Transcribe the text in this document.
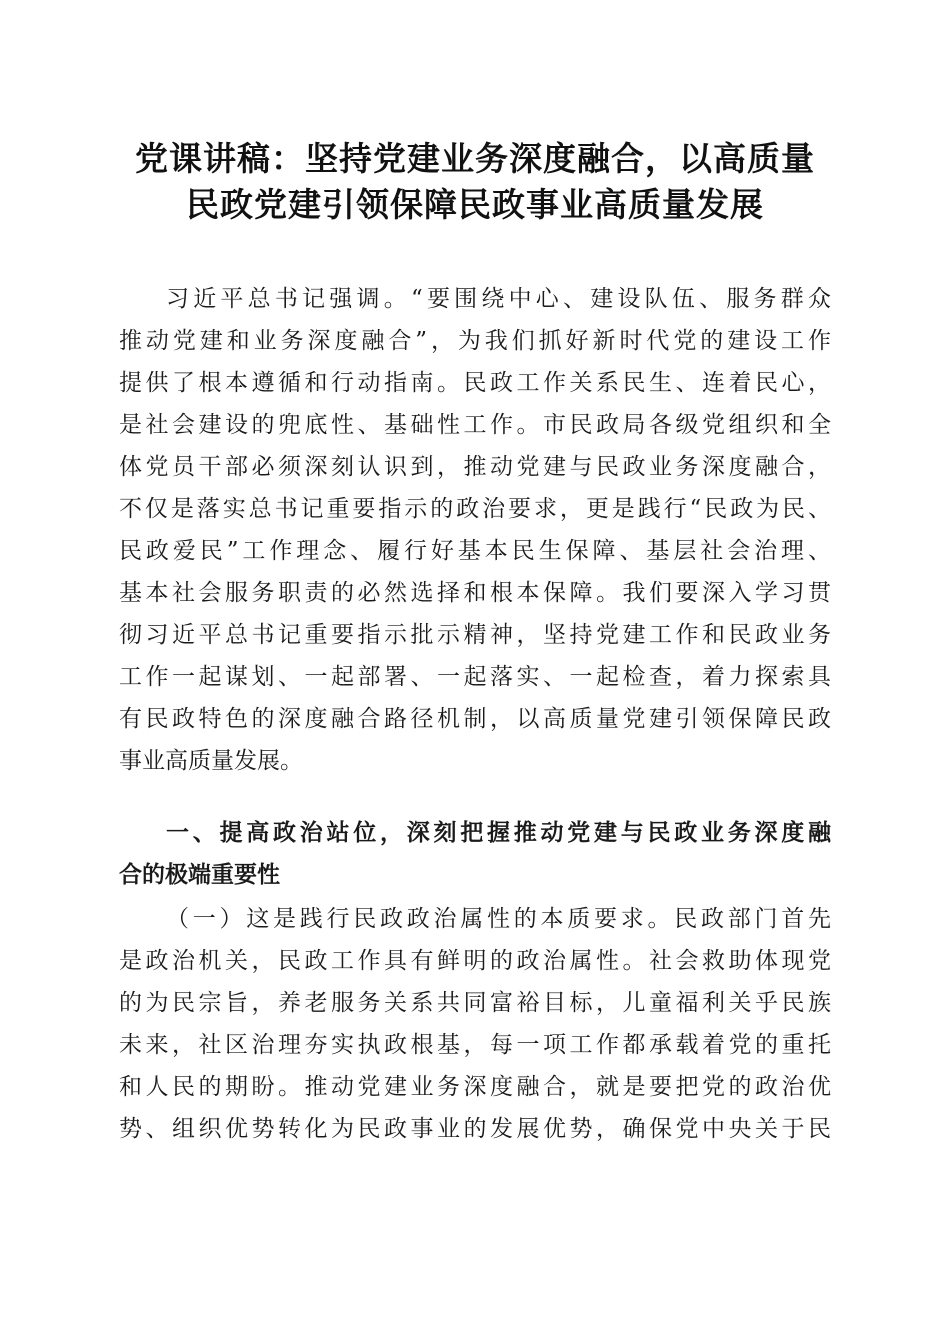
党课讲稿：坚持党建业务深度融合，以高质量
民政党建引领保障民政事业高质量发展
习近平总书记强调。“要围绕中心、建设队伍、服务群众
推动党建和业务深度融合”，为我们抓好新时代党的建设工作
提供了根本遵循和行动指南。民政工作关系民生、连着民心，
是社会建设的兜底性、基础性工作。市民政局各级党组织和全
体党员干部必须深刻认识到，推动党建与民政业务深度融合，
不仅是落实总书记重要指示的政治要求，更是践行“民政为民、
民政爱民”工作理念、履行好基本民生保障、基层社会治理、
基本社会服务职责的必然选择和根本保障。我们要深入学习贯
彻习近平总书记重要指示批示精神，坚持党建工作和民政业务
工作一起谋划、一起部署、一起落实、一起检查，着力探索具
有民政特色的深度融合路径机制，以高质量党建引领保障民政
事业高质量发展。
一、提高政治站位，深刻把握推动党建与民政业务深度融
合的极端重要性
（一）这是践行民政政治属性的本质要求。民政部门首先
是政治机关，民政工作具有鲜明的政治属性。社会救助体现党
的为民宗旨，养老服务关系共同富裕目标，儿童福利关乎民族
未来，社区治理夯实执政根基，每一项工作都承载着党的重托
和人民的期盼。推动党建业务深度融合，就是要把党的政治优
势、组织优势转化为民政事业的发展优势，确保党中央关于民
